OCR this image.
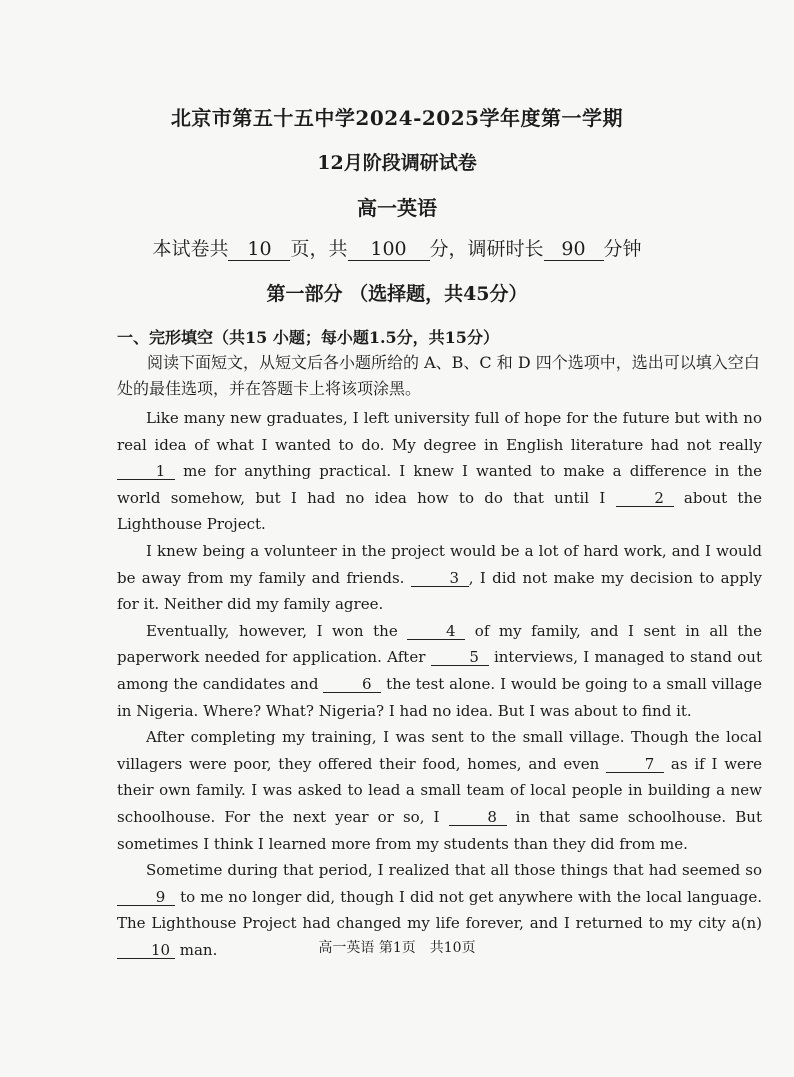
北京市第五十五中学2024-2025学年度第一学期
12月阶段调研试卷
高一英语
本试卷共 10 页，共 100 分，调研时长 90 分钟
第一部分 （选择题，共45分）
一、完形填空（共15 小题；每小题1.5分，共15分）
阅读下面短文，从短文后各小题所给的 A、B、C 和 D 四个选项中，选出可以填入空白处的最佳选项，并在答题卡上将该项涂黑。

Like many new graduates, I left university full of hope for the future but with no real idea of what I wanted to do. My degree in English literature had not really 1 me for anything practical. I knew I wanted to make a difference in the world somehow, but I had no idea how to do that until I	2 about the Lighthouse Project.

I knew being a volunteer in the project would be a lot of hard work, and I would be away from my family and friends.	3 , I did not make my decision to apply for it. Neither did my family agree.

Eventually, however, I won the	4 of my family, and I sent in all the paperwork needed for application. After	5 interviews, I managed to stand out among the candidates and	6 the test alone. I would be going to a small village in Nigeria. Where? What? Nigeria? I had no idea. But I was about to find it.

After completing my training, I was sent to the small village. Though the local villagers were poor, they offered their food, homes, and even	7 as if I were their own family. I was asked to lead a small team of local people in building a new schoolhouse. For the next year or so, I	8 in that same schoolhouse. But sometimes I think I learned more from my students than they did from me.

Sometime during that period, I realized that all those things that had seemed so 9 to me no longer did, though I did not get anywhere with the local language. The Lighthouse Project had changed my life forever, and I returned to my city a(n) 10 man.	高一英语 第1页　共10页
